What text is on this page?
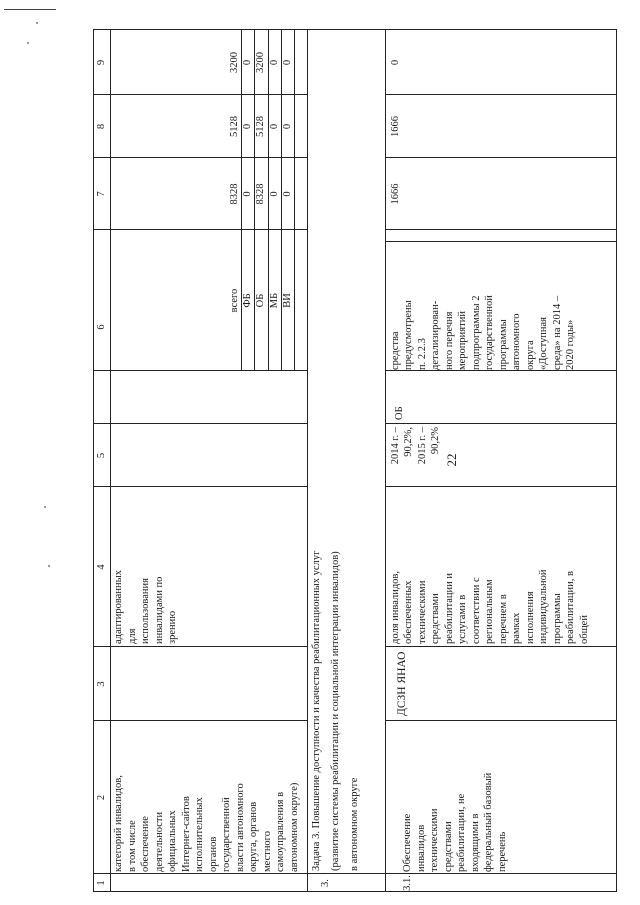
22
1
2
3
4
5
6
7
8
9
категорий инвалидов, в том числе обеспечение деятельности официальных Интернет-сайтов исполнительных органов государственной власти автономного округа, органов местного самоуправления в автономном округе)
адаптированных для использования инвалидами по зрению
всего
8328
5128
3200
ФБ
0
0
0
ОБ
8328
5128
3200
МБ
0
0
0
ВИ
0
0
0
3.
Задача 3. Повышение доступности и качества реабилитационных услуг (развитие системы реабилитации и социальной интеграции инвалидов) в автономном округе
3.1.
Обеспечение инвалидов техническими средствами реабилитации, не входящими в федеральный базовый перечень
ДСЗН ЯНАО
доля инвалидов, обеспеченных техническими средствами реабилитации и услугами в соответствии с региональным перечнем в рамках исполнения индивидуальной программы реабилитации, в общей
2014 г. – 90,2%, 2015 г. – 90,2%
ОБ
средства предусмотрены п. 2.2.3 детализирован- ного перечня мероприятий подпрограммы 2 государственной программы автономного округа «Доступная среда» на 2014 – 2020 годы»
1666
1666
0
